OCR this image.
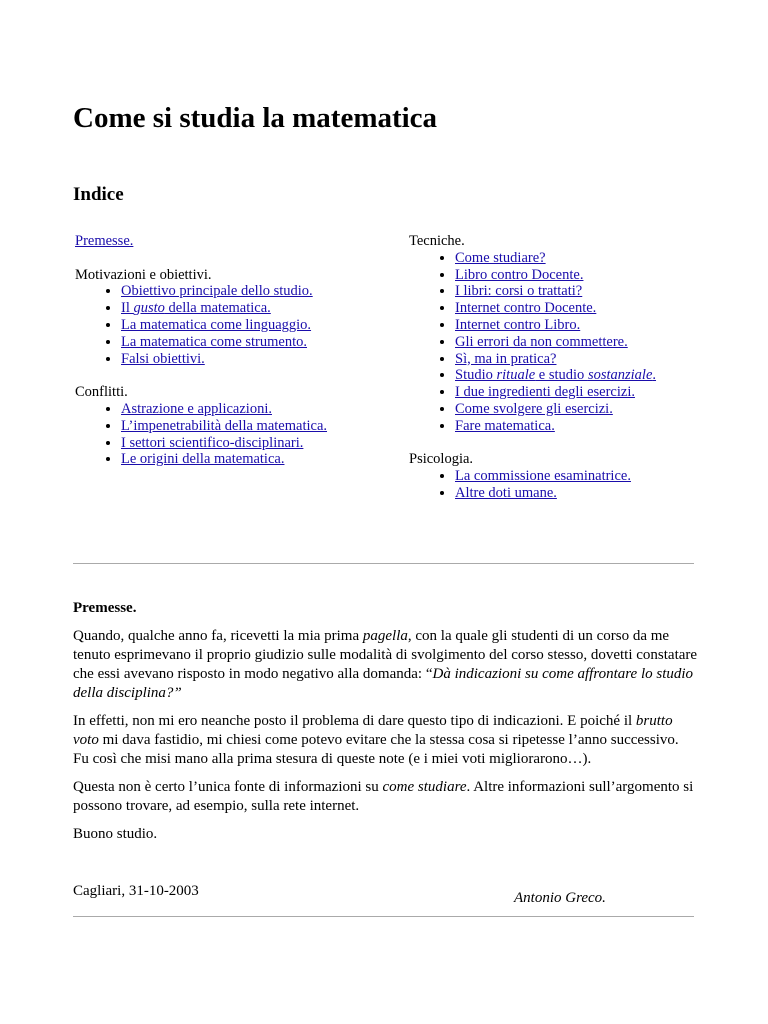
Come si studia la matematica
Indice
Premesse.
Motivazioni e obiettivi.
• Obiettivo principale dello studio.
• Il gusto della matematica.
• La matematica come linguaggio.
• La matematica come strumento.
• Falsi obiettivi.
Conflitti.
• Astrazione e applicazioni.
• L’impenetrabilità della matematica.
• I settori scientifico-disciplinari.
• Le origini della matematica.
Tecniche.
• Come studiare?
• Libro contro Docente.
• I libri: corsi o trattati?
• Internet contro Docente.
• Internet contro Libro.
• Gli errori da non commettere.
• Sì, ma in pratica?
• Studio rituale e studio sostanziale.
• I due ingredienti degli esercizi.
• Come svolgere gli esercizi.
• Fare matematica.
Psicologia.
• La commissione esaminatrice.
• Altre doti umane.
Premesse.

Quando, qualche anno fa, ricevetti la mia prima pagella, con la quale gli studenti di un corso da me tenuto esprimevano il proprio giudizio sulle modalità di svolgimento del corso stesso, dovetti constatare che essi avevano risposto in modo negativo alla domanda: “Dà indicazioni su come affrontare lo studio della disciplina?”

In effetti, non mi ero neanche posto il problema di dare questo tipo di indicazioni. E poiché il brutto voto mi dava fastidio, mi chiesi come potevo evitare che la stessa cosa si ripetesse l’anno successivo. Fu così che misi mano alla prima stesura di queste note (e i miei voti migliorarono…).

Questa non è certo l’unica fonte di informazioni su come studiare. Altre informazioni sull’argomento si possono trovare, ad esempio, sulla rete internet.

Buono studio.

Cagliari, 31-10-2003	Antonio Greco.
